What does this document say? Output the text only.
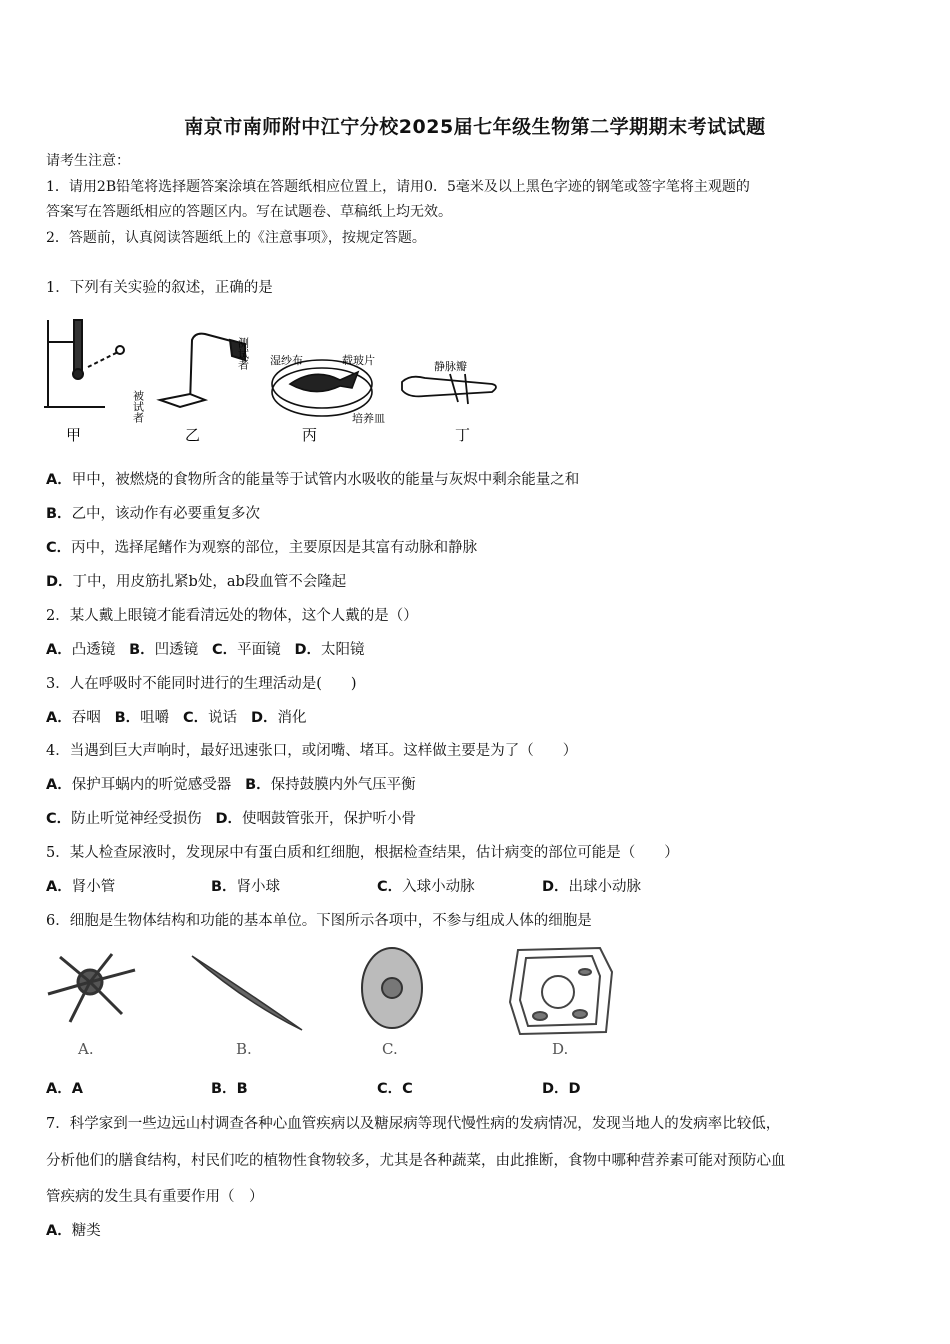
南京市南师附中江宁分校2025届七年级生物第二学期期末考试试题
请考生注意：
1．请用2B铅笔将选择题答案涂填在答题纸相应位置上，请用0．5毫米及以上黑色字迹的钢笔或签字笔将主观题的
答案写在答题纸相应的答题区内。写在试题卷、草稿纸上均无效。
2．答题前，认真阅读答题纸上的《注意事项》，按规定答题。
1．下列有关实验的叙述，正确的是
甲
测试者
被试者
乙
湿纱布	载玻片
培养皿
丙
静脉瓣
丁
A．甲中，被燃烧的食物所含的能量等于试管内水吸收的能量与灰烬中剩余能量之和
B．乙中，该动作有必要重复多次
C．丙中，选择尾鳍作为观察的部位，主要原因是其富有动脉和静脉
D．丁中，用皮筋扎紧b处，ab段血管不会隆起
2．某人戴上眼镜才能看清远处的物体，这个人戴的是（）
A．凸透镜 B．凹透镜 C．平面镜 D．太阳镜
3．人在呼吸时不能同时进行的生理活动是(　　)
A．吞咽 B．咀嚼 C．说话 D．消化
4．当遇到巨大声响时，最好迅速张口，或闭嘴、堵耳。这样做主要是为了（　　）
A．保护耳蜗内的听觉感受器 B．保持鼓膜内外气压平衡
C．防止听觉神经受损伤 D．使咽鼓管张开，保护听小骨
5．某人检查尿液时，发现尿中有蛋白质和红细胞，根据检查结果，估计病变的部位可能是（　　）
A．肾小管	B．肾小球	C．入球小动脉	D．出球小动脉
6．细胞是生物体结构和功能的基本单位。下图所示各项中，不参与组成人体的细胞是
A.	B.	C.	D.
A．A	B．B	C．C	D．D
7．科学家到一些边远山村调查各种心血管疾病以及糖尿病等现代慢性病的发病情况，发现当地人的发病率比较低，
分析他们的膳食结构，村民们吃的植物性食物较多，尤其是各种蔬菜，由此推断，食物中哪种营养素可能对预防心血
管疾病的发生具有重要作用（　）
A．糖类
